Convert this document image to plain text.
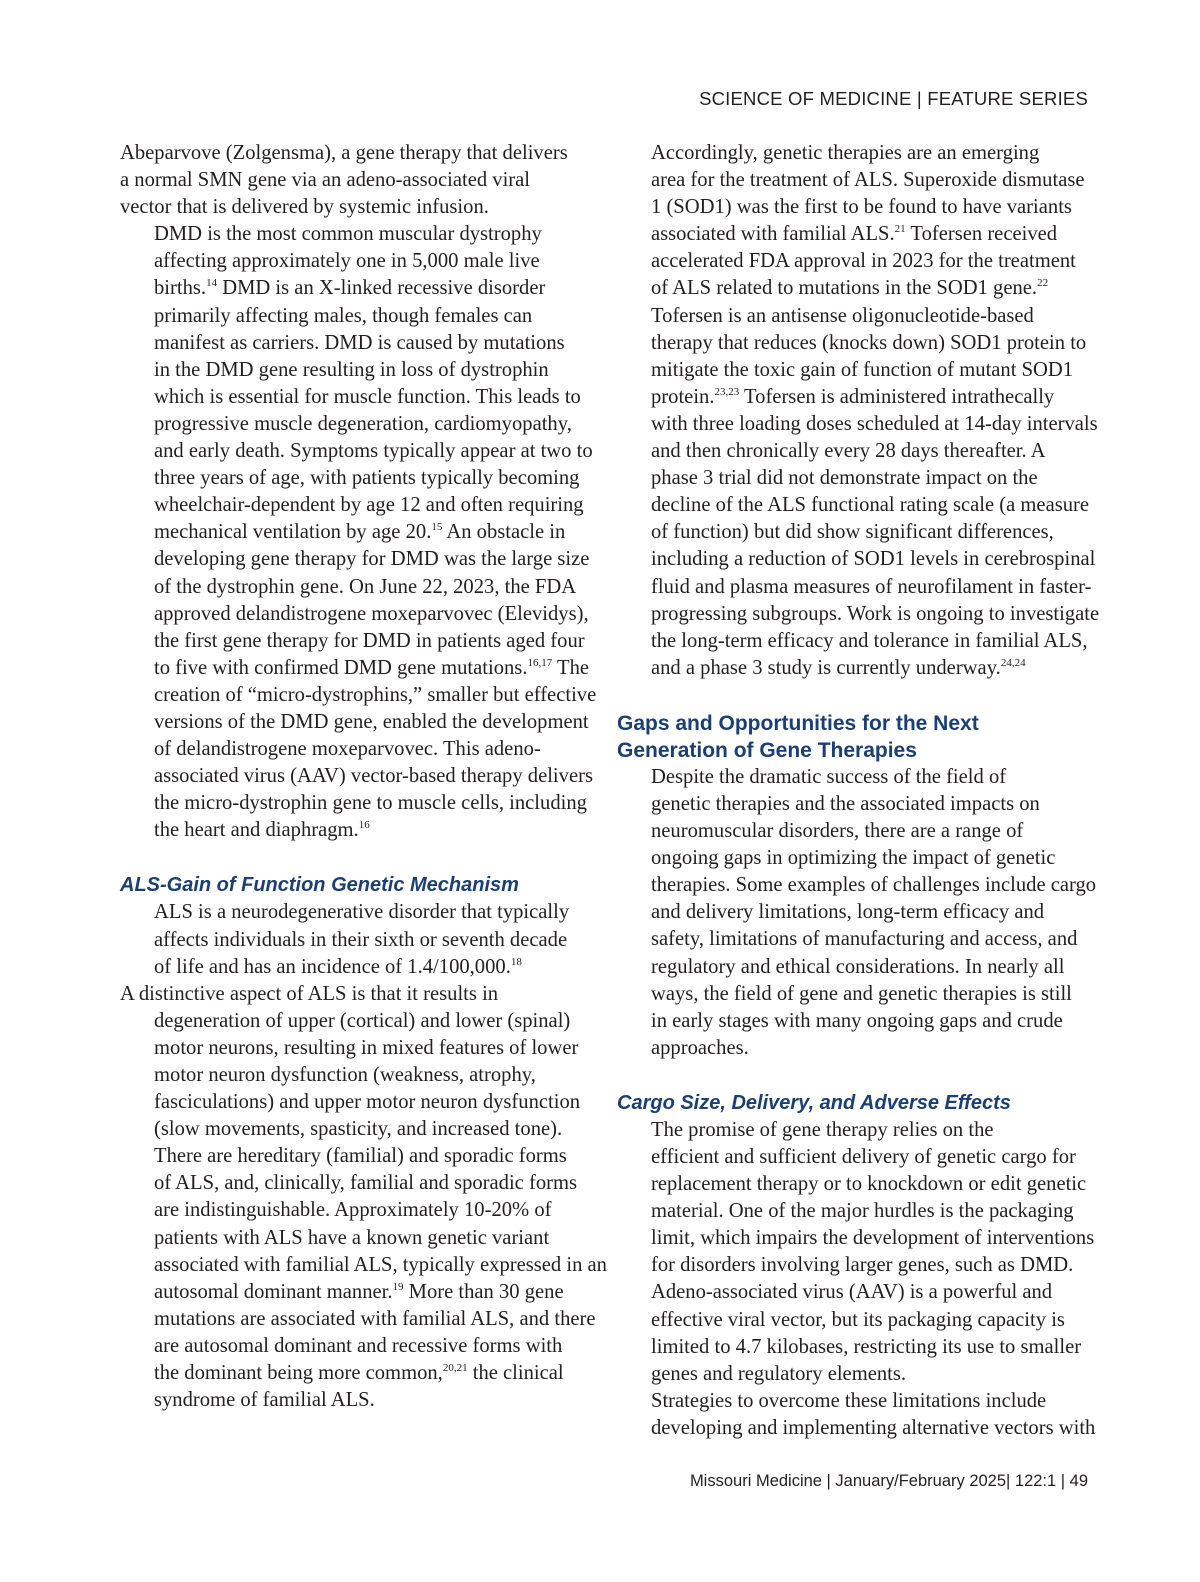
SCIENCE OF MEDICINE | FEATURE SERIES

Abeparvove (Zolgensma), a gene therapy that delivers
a normal SMN gene via an adeno-associated viral
vector that is delivered by systemic infusion.

DMD is the most common muscular dystrophy
affecting approximately one in 5,000 male live
births.$^{14}$ DMD is an X-linked recessive disorder
primarily affecting males, though females can
manifest as carriers. DMD is caused by mutations
in the DMD gene resulting in loss of dystrophin
which is essential for muscle function. This leads to
progressive muscle degeneration, cardiomyopathy,
and early death. Symptoms typically appear at two to
three years of age, with patients typically becoming
wheelchair-dependent by age 12 and often requiring
mechanical ventilation by age 20.15 An obstacle in
developing gene therapy for DMD was the large size
of the dystrophin gene. On June 22, 2023, the FDA
approved delandistrogene moxeparvovec (Elevidys),
the first gene therapy for DMD in patients aged four
to five with confirmed DMD gene mutations.$^{16,17}$ The
creation of “micro-dystrophins,” smaller but effective
versions of the DMD gene, enabled the development
of delandistrogene moxeparvovec. This adeno-
associated virus (AAV) vector-based therapy delivers
the micro-dystrophin gene to muscle cells, including
the heart and diaphragm.$^{16}$

ALS-Gain of Function Genetic Mechanism

ALS is a neurodegenerative disorder that typically
affects individuals in their sixth or seventh decade
of life and has an incidence of 1.4/100,000.18
A distinctive aspect of ALS is that it results in
degeneration of upper (cortical) and lower (spinal)
motor neurons, resulting in mixed features of lower
motor neuron dysfunction (weakness, atrophy,
fasciculations) and upper motor neuron dysfunction
(slow movements, spasticity, and increased tone).
There are hereditary (familial) and sporadic forms
of ALS, and, clinically, familial and sporadic forms
are indistinguishable. Approximately 10-20% of
patients with ALS have a known genetic variant
associated with familial ALS, typically expressed in an
autosomal dominant manner.$^{19}$ More than 30 gene
mutations are associated with familial ALS, and there
are autosomal dominant and recessive forms with
the dominant being more common,$^{20,21}$ the clinical
syndrome of familial ALS.

Accordingly, genetic therapies are an emerging
area for the treatment of ALS. Superoxide dismutase
1 (SOD1) was the first to be found to have variants
associated with familial ALS.$^{21}$ Tofersen received
accelerated FDA approval in 2023 for the treatment
of ALS related to mutations in the SOD1 gene.$^{22}$
Tofersen is an antisense oligonucleotide-based
therapy that reduces (knocks down) SOD1 protein to
mitigate the toxic gain of function of mutant SOD1
protein.$^{23,23}$ Tofersen is administered intrathecally
with three loading doses scheduled at 14-day intervals
and then chronically every 28 days thereafter. A
phase 3 trial did not demonstrate impact on the
decline of the ALS functional rating scale (a measure
of function) but did show significant differences,
including a reduction of SOD1 levels in cerebrospinal
fluid and plasma measures of neurofilament in faster-
progressing subgroups. Work is ongoing to investigate
the long-term efficacy and tolerance in familial ALS,
and a phase 3 study is currently underway.$^{24,24}$

Gaps and Opportunities for the Next
Generation of Gene Therapies

Despite the dramatic success of the field of
genetic therapies and the associated impacts on
neuromuscular disorders, there are a range of
ongoing gaps in optimizing the impact of genetic
therapies. Some examples of challenges include cargo
and delivery limitations, long-term efficacy and
safety, limitations of manufacturing and access, and
regulatory and ethical considerations. In nearly all
ways, the field of gene and genetic therapies is still
in early stages with many ongoing gaps and crude
approaches.

Cargo Size, Delivery, and Adverse Effects

The promise of gene therapy relies on the
efficient and sufficient delivery of genetic cargo for
replacement therapy or to knockdown or edit genetic
material. One of the major hurdles is the packaging
limit, which impairs the development of interventions
for disorders involving larger genes, such as DMD.
Adeno-associated virus (AAV) is a powerful and
effective viral vector, but its packaging capacity is
limited to 4.7 kilobases, restricting its use to smaller
genes and regulatory elements.

Strategies to overcome these limitations include
developing and implementing alternative vectors with

Missouri Medicine | January/February 2025| 122:1 | 49
